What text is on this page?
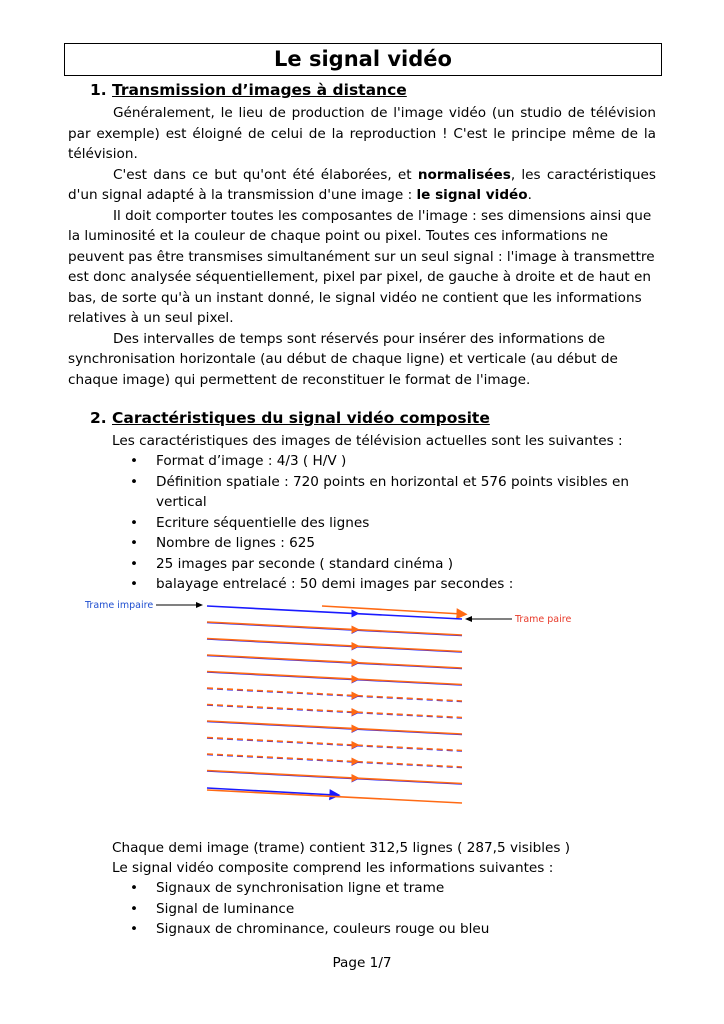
Le signal vidéo
1. Transmission d’images à distance

Généralement, le lieu de production de l'image vidéo (un studio de télévision par exemple) est éloigné de celui de la reproduction ! C'est le principe même de la télévision.

C'est dans ce but qu'ont été élaborées, et normalisées, les caractéristiques d'un signal adapté à la transmission d'une image : le signal vidéo.

Il doit comporter toutes les composantes de l'image : ses dimensions ainsi que la luminosité et la couleur de chaque point ou pixel. Toutes ces informations ne peuvent pas être transmises simultanément sur un seul signal : l'image à transmettre est donc analysée séquentiellement, pixel par pixel, de gauche à droite et de haut en bas, de sorte qu'à un instant donné, le signal vidéo ne contient que les informations relatives à un seul pixel.

Des intervalles de temps sont réservés pour insérer des informations de synchronisation horizontale (au début de chaque ligne) et verticale (au début de chaque image) qui permettent de reconstituer le format de l'image.

2. Caractéristiques du signal vidéo composite
Les caractéristiques des images de télévision actuelles sont les suivantes :
• Format d’image : 4/3 ( H/V )
• Définition spatiale : 720 points en horizontal et 576 points visibles en vertical
• Ecriture séquentielle des lignes
• Nombre de lignes : 625
• 25 images par seconde ( standard cinéma )
• balayage entrelacé : 50 demi images par secondes :
Trame impaire
Trame paire
Chaque demi image (trame) contient 312,5 lignes ( 287,5 visibles )
Le signal vidéo composite comprend les informations suivantes :
• Signaux de synchronisation ligne et trame
• Signal de luminance
• Signaux de chrominance, couleurs rouge ou bleu
Page 1/7
